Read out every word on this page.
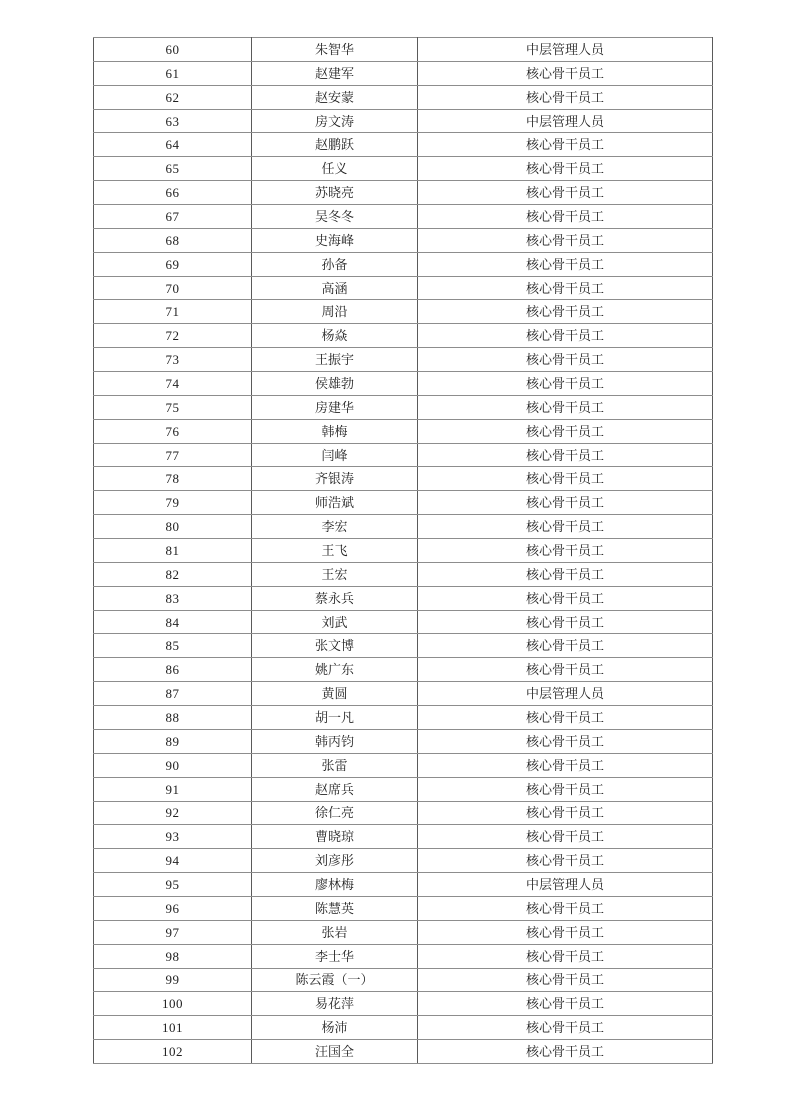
60	朱智华	中层管理人员
61	赵建军	核心骨干员工
62	赵安蒙	核心骨干员工
63	房文涛	中层管理人员
64	赵鹏跃	核心骨干员工
65	任义	核心骨干员工
66	苏晓亮	核心骨干员工
67	吴冬冬	核心骨干员工
68	史海峰	核心骨干员工
69	孙备	核心骨干员工
70	高涵	核心骨干员工
71	周沿	核心骨干员工
72	杨焱	核心骨干员工
73	王振宇	核心骨干员工
74	侯雄勃	核心骨干员工
75	房建华	核心骨干员工
76	韩梅	核心骨干员工
77	闫峰	核心骨干员工
78	齐银涛	核心骨干员工
79	师浩斌	核心骨干员工
80	李宏	核心骨干员工
81	王飞	核心骨干员工
82	王宏	核心骨干员工
83	蔡永兵	核心骨干员工
84	刘武	核心骨干员工
85	张文博	核心骨干员工
86	姚广东	核心骨干员工
87	黄圆	中层管理人员
88	胡一凡	核心骨干员工
89	韩丙钧	核心骨干员工
90	张雷	核心骨干员工
91	赵席兵	核心骨干员工
92	徐仁亮	核心骨干员工
93	曹晓琼	核心骨干员工
94	刘彦彤	核心骨干员工
95	廖林梅	中层管理人员
96	陈慧英	核心骨干员工
97	张岩	核心骨干员工
98	李士华	核心骨干员工
99	陈云霞（一）	核心骨干员工
100	易花萍	核心骨干员工
101	杨沛	核心骨干员工
102	汪国全	核心骨干员工
